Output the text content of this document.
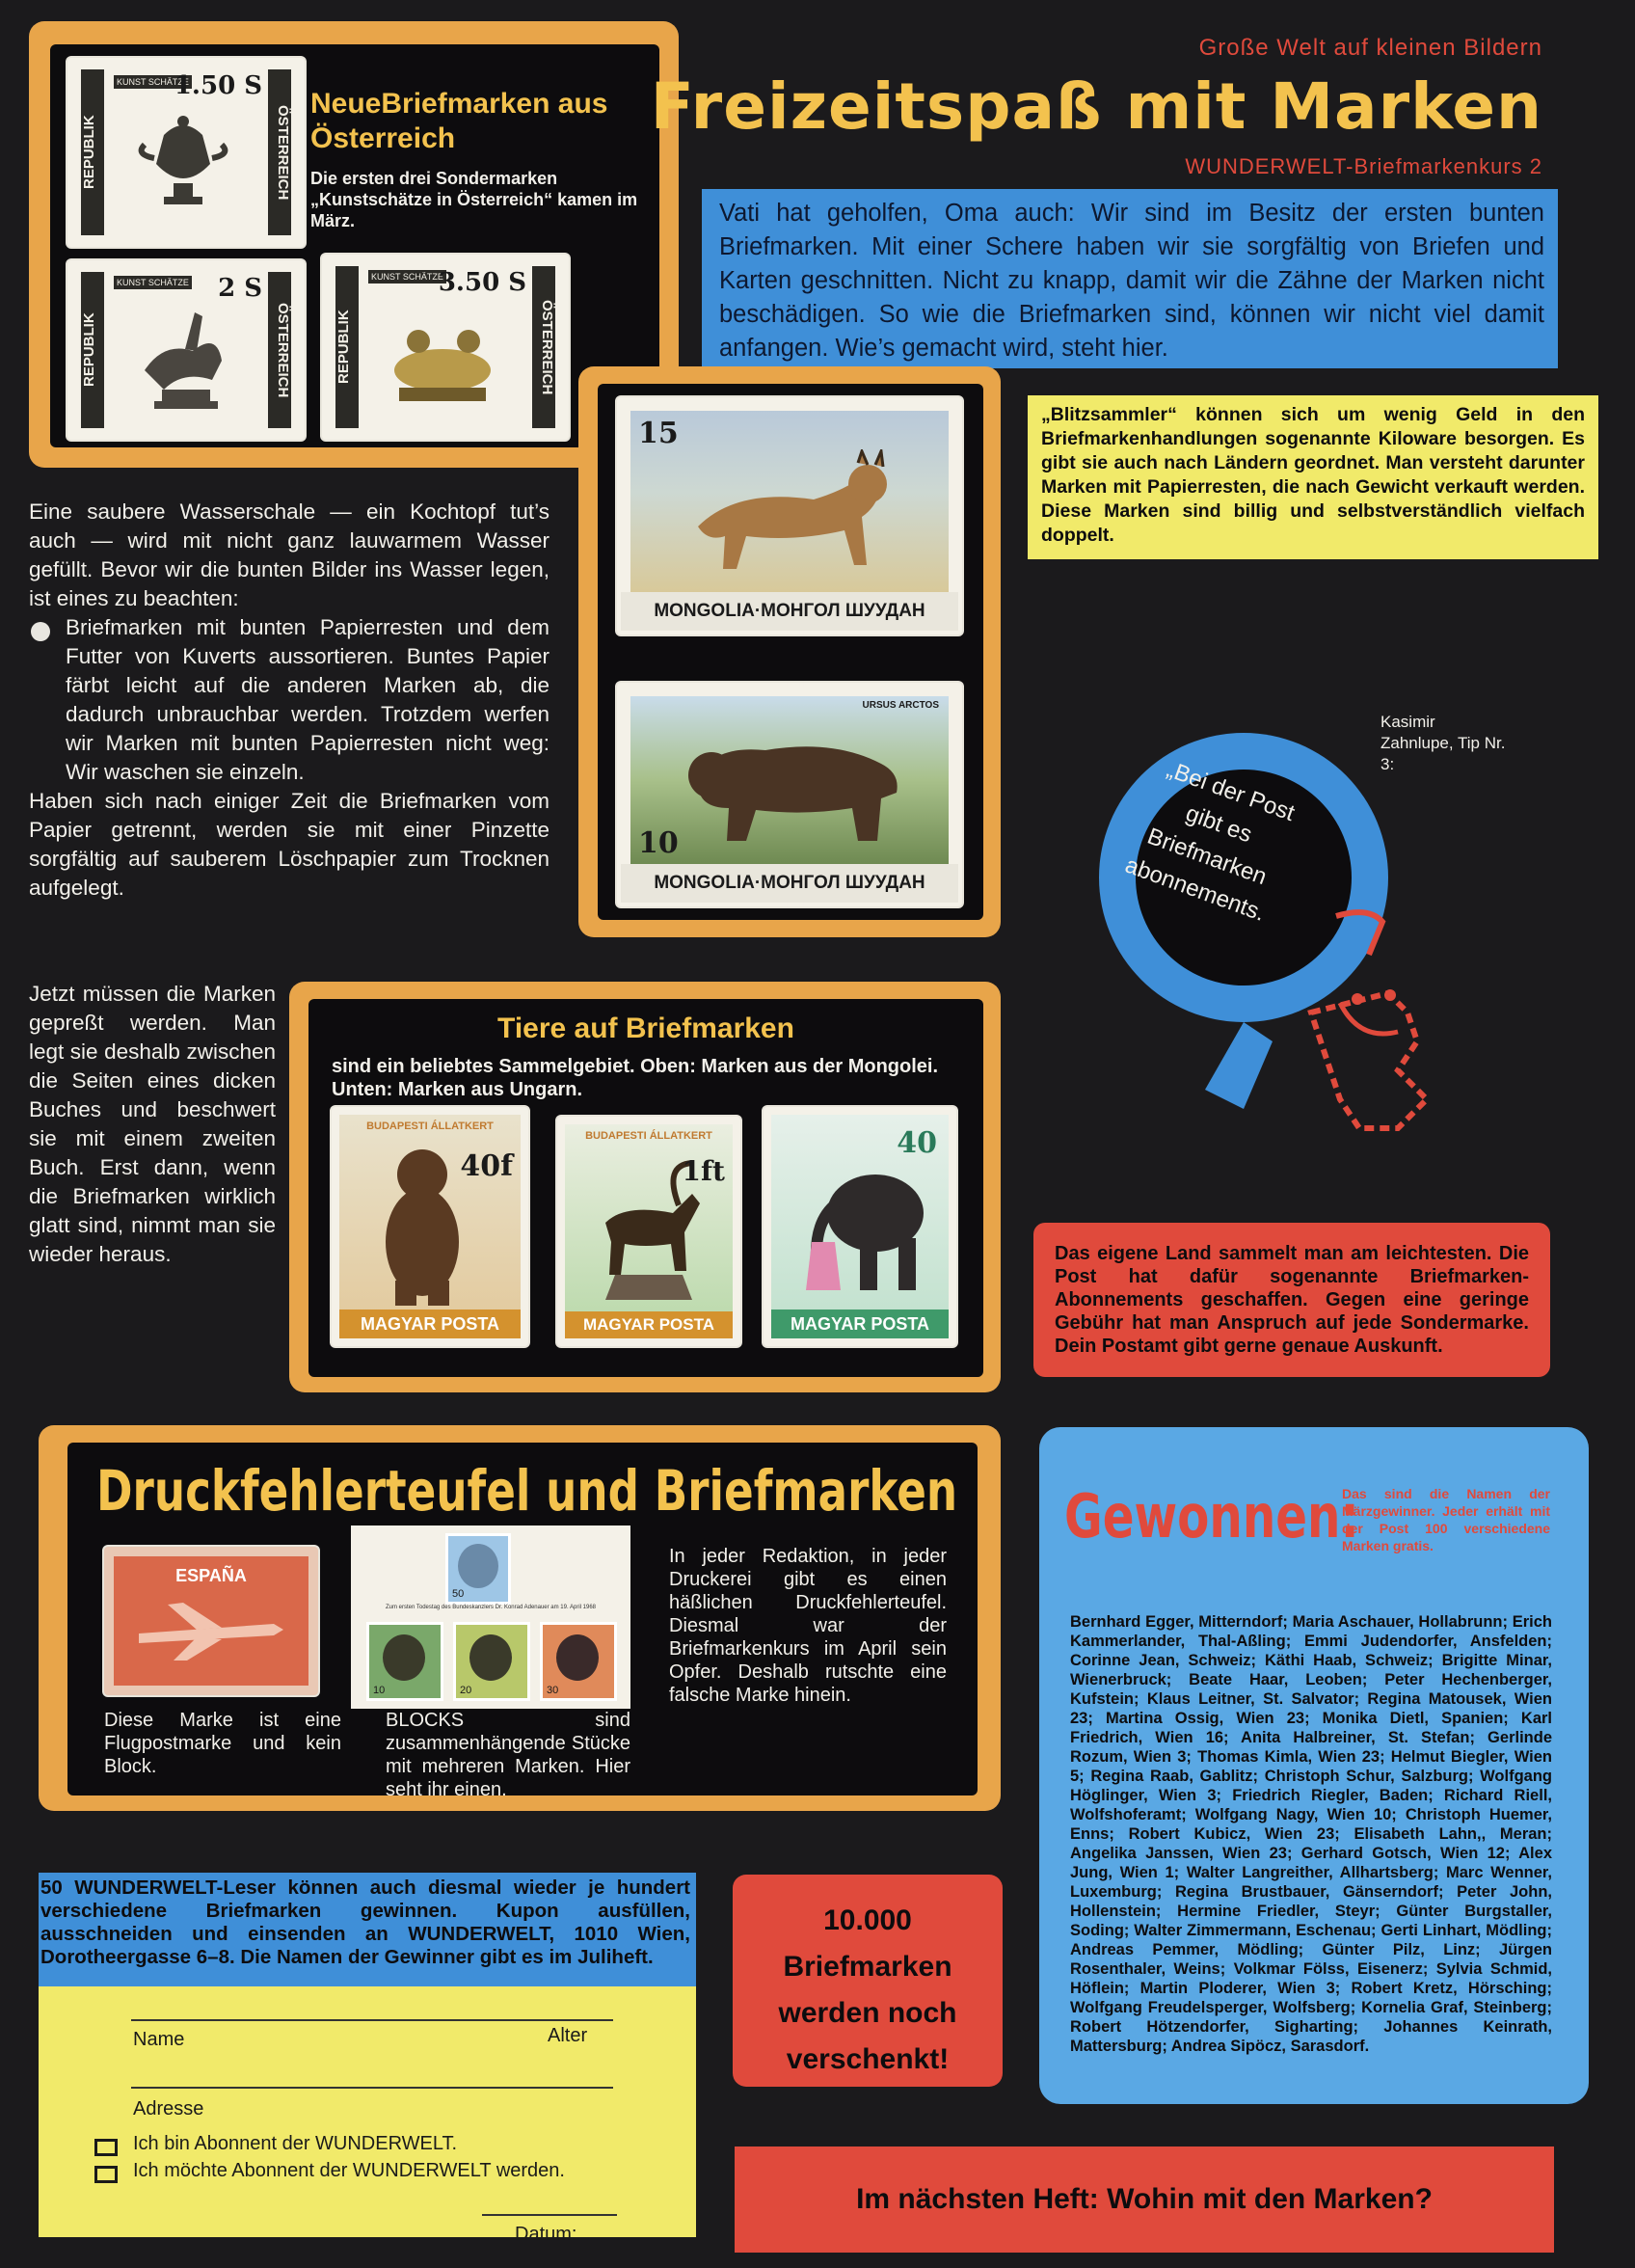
REPUBLIK	ÖSTERREICH
KUNST SCHÄTZE
1.50 S
REPUBLIK	ÖSTERREICH
KUNST SCHÄTZE 2 S
REPUBLIK	ÖSTERREICH
KUNST SCHÄTZE
3.50 S
NeueBriefmarken aus Österreich
Die ersten drei Sondermarken „Kunstschätze in Österreich“ kamen im März.
Große Welt auf kleinen Bildern
Freizeitspaß mit Marken
WUNDERWELT-Briefmarkenkurs 2
Vati hat geholfen, Oma auch: Wir sind im Besitz der ersten bunten Briefmarken. Mit einer Schere haben wir sie sorgfältig von Briefen und Karten geschnitten. Nicht zu knapp, damit wir die Zähne der Marken nicht beschädigen. So wie die Briefmarken sind, können wir nicht viel damit anfangen. Wie’s gemacht wird, steht hier.
15
MONGOLIA·МОНГОЛ ШУУДАН
URSUS ARCTOS
10
MONGOLIA·МОНГОЛ ШУУДАН
„Blitzsammler“ können sich um wenig Geld in den Briefmarkenhandlungen sogenannte Kiloware besorgen. Es gibt sie auch nach Ländern geordnet. Man versteht darunter Marken mit Papierresten, die nach Gewicht verkauft werden. Diese Marken sind billig und selbstverständlich vielfach doppelt.

Eine saubere Wasserschale — ein Kochtopf tut’s auch — wird mit nicht ganz lauwarmem Wasser gefüllt. Bevor wir die bunten Bilder ins Wasser legen, ist eines zu beachten:

Briefmarken mit bunten Papierresten und dem Futter von Kuverts aussortieren. Buntes Papier färbt leicht auf die anderen Marken ab, die dadurch unbrauchbar werden. Trotzdem werfen wir Marken mit bunten Papierresten nicht weg: Wir waschen sie einzeln.

Haben sich nach einiger Zeit die Briefmarken vom Papier getrennt, werden sie mit einer Pinzette sorgfältig auf sauberem Löschpapier zum Trocknen aufgelegt.

Kasimir Zahnlupe, Tip Nr. 3:
„Bei der Post gibt es Briefmarken abonnements.
Jetzt müssen die Marken gepreßt werden. Man legt sie deshalb zwischen die Seiten eines dicken Buches und beschwert sie mit einem zweiten Buch. Erst dann, wenn die Briefmarken wirklich glatt sind, nimmt man sie wieder heraus.
Tiere auf Briefmarken
sind ein beliebtes Sammelgebiet. Oben: Marken aus der Mongolei. Unten: Marken aus Ungarn.
BUDAPESTI ÁLLATKERT
40f
MAGYAR POSTA
BUDAPESTI ÁLLATKERT
1ft
MAGYAR POSTA
40
MAGYAR POSTA
Das eigene Land sammelt man am leichtesten. Die Post hat dafür sogenannte Briefmarken-Abonnements geschaffen. Gegen eine geringe Gebühr hat man Anspruch auf jede Sondermarke. Dein Postamt gibt gerne genaue Auskunft.
Druckfehlerteufel und Briefmarken
ESPAÑA
50
Zum ersten Todestag des Bundeskanzlers Dr. Konrad Adenauer am 19. April 1968
10	20	30
Diese Marke ist eine Flugpostmarke und kein Block.
BLOCKS sind zusammenhängende Stücke mit mehreren Marken. Hier seht ihr einen.
In jeder Redaktion, in jeder Druckerei gibt es einen häßlichen Druckfehlerteufel. Diesmal war der Briefmarkenkurs im April sein Opfer. Deshalb rutschte eine falsche Marke hinein.
Gewonnen:
Das sind die Namen der Märzgewinner. Jeder erhält mit der Post 100 verschiedene Marken gratis.
Bernhard Egger, Mitterndorf; Maria Aschauer, Hollabrunn; Erich Kammerlander, Thal-Aßling; Emmi Judendorfer, Ansfelden; Corinne Jean, Schweiz; Käthi Haab, Schweiz; Brigitte Minar, Wienerbruck; Beate Haar, Leoben; Peter Hechenberger, Kufstein; Klaus Leitner, St. Salvator; Regina Matousek, Wien 23; Martina Ossig, Wien 23; Monika Dietl, Spanien; Karl Friedrich, Wien 16; Anita Halbreiner, St. Stefan; Gerlinde Rozum, Wien 3; Thomas Kimla, Wien 23; Helmut Biegler, Wien 5; Regina Raab, Gablitz; Christoph Schur, Salzburg; Wolfgang Höglinger, Wien 3; Friedrich Riegler, Baden; Richard Riell, Wolfshoferamt; Wolfgang Nagy, Wien 10; Christoph Huemer, Enns; Robert Kubicz, Wien 23; Elisabeth Lahn,, Meran; Angelika Janssen, Wien 23; Gerhard Gotsch, Wien 12; Alex Jung, Wien 1; Walter Langreither, Allhartsberg; Marc Wenner, Luxemburg; Regina Brustbauer, Gänserndorf; Peter John, Hollenstein; Hermine Friedler, Steyr; Günter Burgstaller, Soding; Walter Zimmermann, Eschenau; Gerti Linhart, Mödling; Andreas Pemmer, Mödling; Günter Pilz, Linz; Jürgen Rosenthaler, Weins; Volkmar Fölss, Eisenerz; Sylvia Schmid, Höflein; Martin Ploderer, Wien 3; Robert Kretz, Hörsching; Wolfgang Freudelsperger, Wolfsberg; Kornelia Graf, Steinberg; Robert Hötzendorfer, Sigharting; Johannes Keinrath, Mattersburg; Andrea Sipöcz, Sarasdorf.
50 WUNDERWELT-Leser können auch diesmal wieder je hundert verschiedene Briefmarken gewinnen. Kupon ausfüllen, ausschneiden und einsenden an WUNDERWELT, 1010 Wien, Dorotheergasse 6–8. Die Namen der Gewinner gibt es im Juliheft.
Name	Alter
Adresse
Ich bin Abonnent der WUNDERWELT.
Ich möchte Abonnent der WUNDERWELT werden.
Datum:
10.000 Briefmarken werden noch verschenkt!
Im nächsten Heft: Wohin mit den Marken?
